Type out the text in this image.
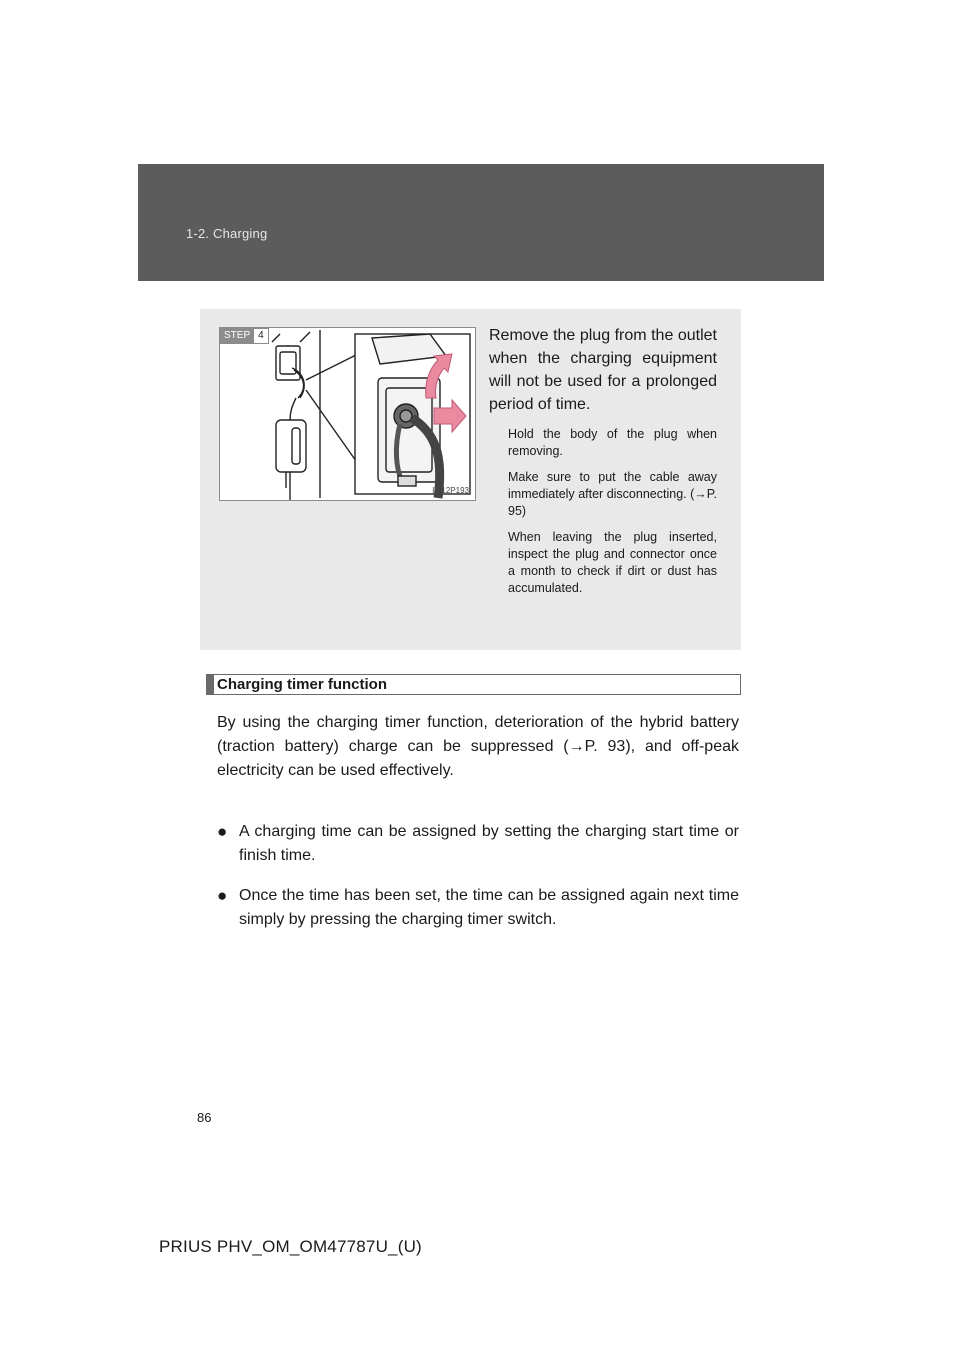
1-2. Charging
STEP 4
ITI12P193
Remove the plug from the outlet when the charging equipment will not be used for a prolonged period of time.

Hold the body of the plug when removing.

Make sure to put the cable away immediately after disconnecting. (→P. 95)

When leaving the plug inserted, inspect the plug and connector once a month to check if dirt or dust has accumulated.

Charging timer function
By using the charging timer function, deterioration of the hybrid battery (traction battery) charge can be suppressed (→P. 93), and off-peak electricity can be used effectively.
● A charging time can be assigned by setting the charging start time or finish time.
● Once the time has been set, the time can be assigned again next time simply by pressing the charging timer switch.
86
PRIUS PHV_OM_OM47787U_(U)
